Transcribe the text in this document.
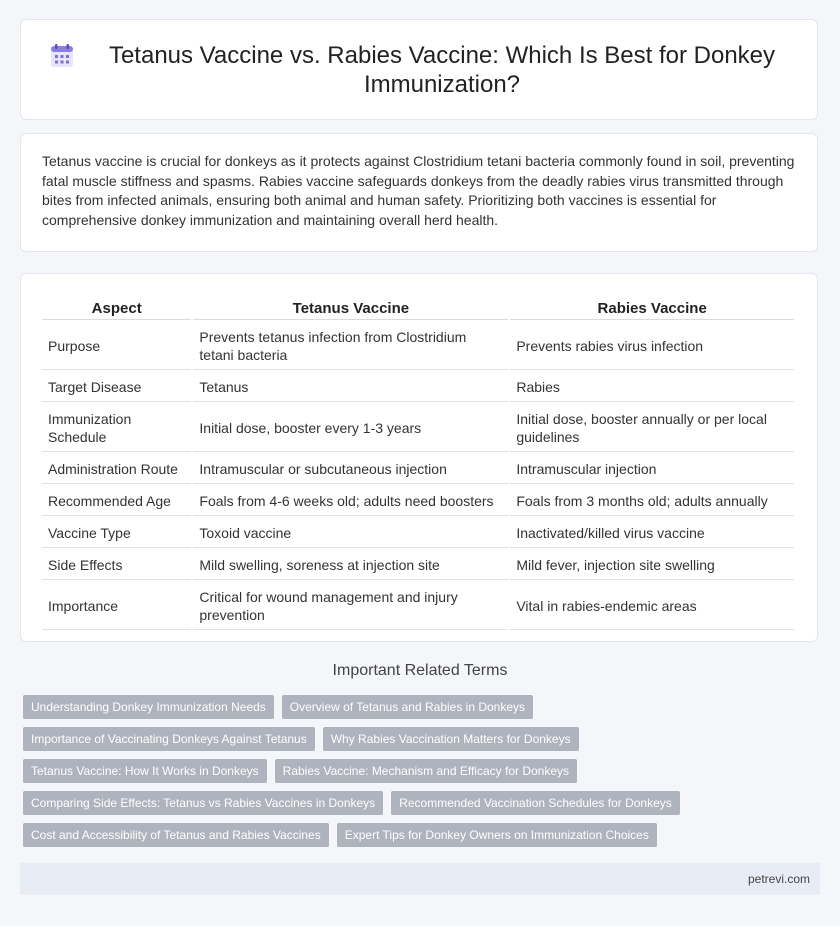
Tetanus Vaccine vs. Rabies Vaccine: Which Is Best for Donkey Immunization?

Tetanus vaccine is crucial for donkeys as it protects against Clostridium tetani bacteria commonly found in soil, preventing fatal muscle stiffness and spasms. Rabies vaccine safeguards donkeys from the deadly rabies virus transmitted through bites from infected animals, ensuring both animal and human safety. Prioritizing both vaccines is essential for comprehensive donkey immunization and maintaining overall herd health.

Aspect	Tetanus Vaccine	Rabies Vaccine
Purpose	Prevents tetanus infection from Clostridium tetani bacteria	Prevents rabies virus infection
Target Disease	Tetanus	Rabies
Immunization Schedule	Initial dose, booster every 1-3 years	Initial dose, booster annually or per local guidelines
Administration Route	Intramuscular or subcutaneous injection	Intramuscular injection
Recommended Age	Foals from 4-6 weeks old; adults need boosters	Foals from 3 months old; adults annually
Vaccine Type	Toxoid vaccine	Inactivated/killed virus vaccine
Side Effects	Mild swelling, soreness at injection site	Mild fever, injection site swelling
Importance	Critical for wound management and injury prevention	Vital in rabies-endemic areas
Important Related Terms
Understanding Donkey Immunization Needs	Overview of Tetanus and Rabies in Donkeys
Importance of Vaccinating Donkeys Against Tetanus	Why Rabies Vaccination Matters for Donkeys
Tetanus Vaccine: How It Works in Donkeys	Rabies Vaccine: Mechanism and Efficacy for Donkeys
Comparing Side Effects: Tetanus vs Rabies Vaccines in Donkeys	Recommended Vaccination Schedules for Donkeys
Cost and Accessibility of Tetanus and Rabies Vaccines	Expert Tips for Donkey Owners on Immunization Choices
petrevi.com
